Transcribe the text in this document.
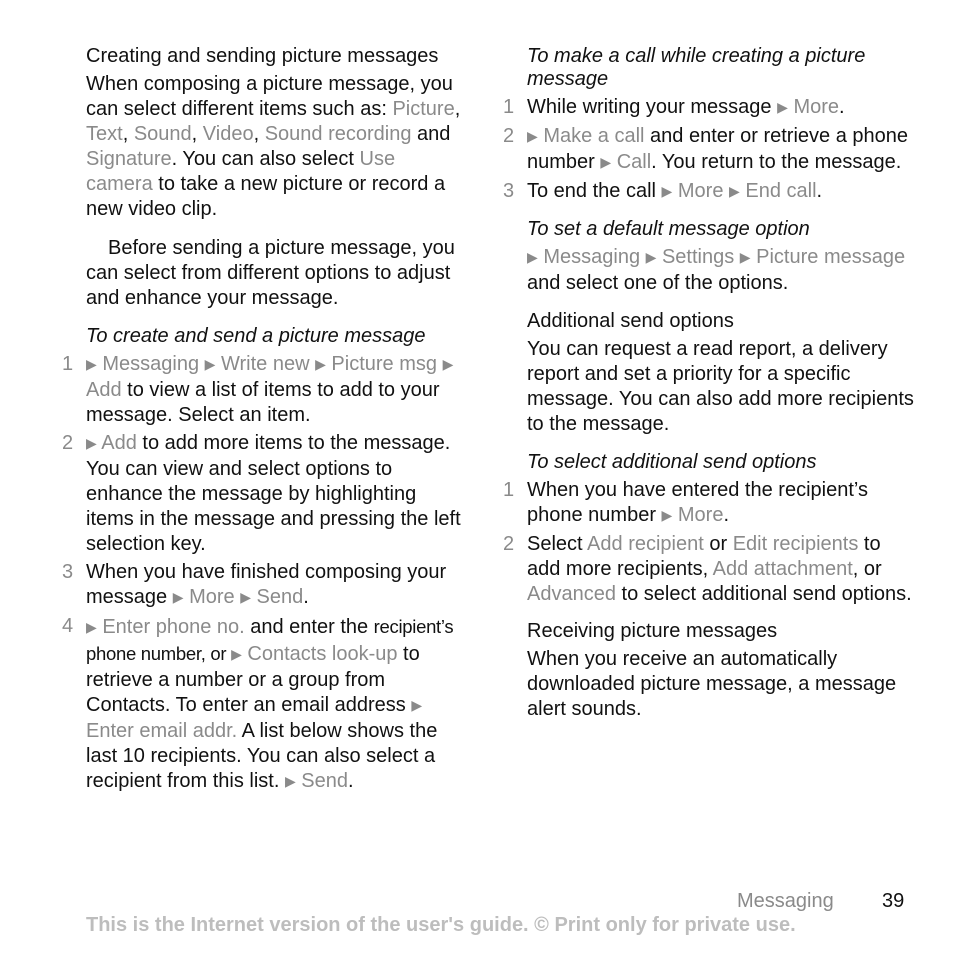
Creating and sending picture messages

When composing a picture message, you can select different items such as: Picture, Text, Sound, Video, Sound recording and Signature. You can also select Use camera to take a new picture or record a new video clip.

Before sending a picture message, you can select from different options to adjust and enhance your message.

To create and send a picture message
1 ▶ Messaging ▶ Write new ▶ Picture msg ▶ Add to view a list of items to add to your message. Select an item.
2 ▶ Add to add more items to the message. You can view and select options to enhance the message by highlighting items in the message and pressing the left selection key.
3 When you have finished composing your message ▶ More ▶ Send.
4 ▶ Enter phone no. and enter the recipient’s phone number, or ▶ Contacts look-up to retrieve a number or a group from Contacts. To enter an email address ▶ Enter email addr. A list below shows the last 10 recipients. You can also select a recipient from this list. ▶ Send.
To make a call while creating a picture message
1 While writing your message ▶ More.
2 ▶ Make a call and enter or retrieve a phone number ▶ Call. You return to the message.
3 To end the call ▶ More ▶ End call.
To set a default message option

▶ Messaging ▶ Settings ▶ Picture message and select one of the options.

Additional send options

You can request a read report, a delivery report and set a priority for a specific message. You can also add more recipients to the message.

To select additional send options
1 When you have entered the recipient’s phone number ▶ More.
2 Select Add recipient or Edit recipients to add more recipients, Add attachment, or Advanced to select additional send options.
Receiving picture messages

When you receive an automatically downloaded picture message, a message alert sounds.

Messaging 39
This is the Internet version of the user's guide. © Print only for private use.
